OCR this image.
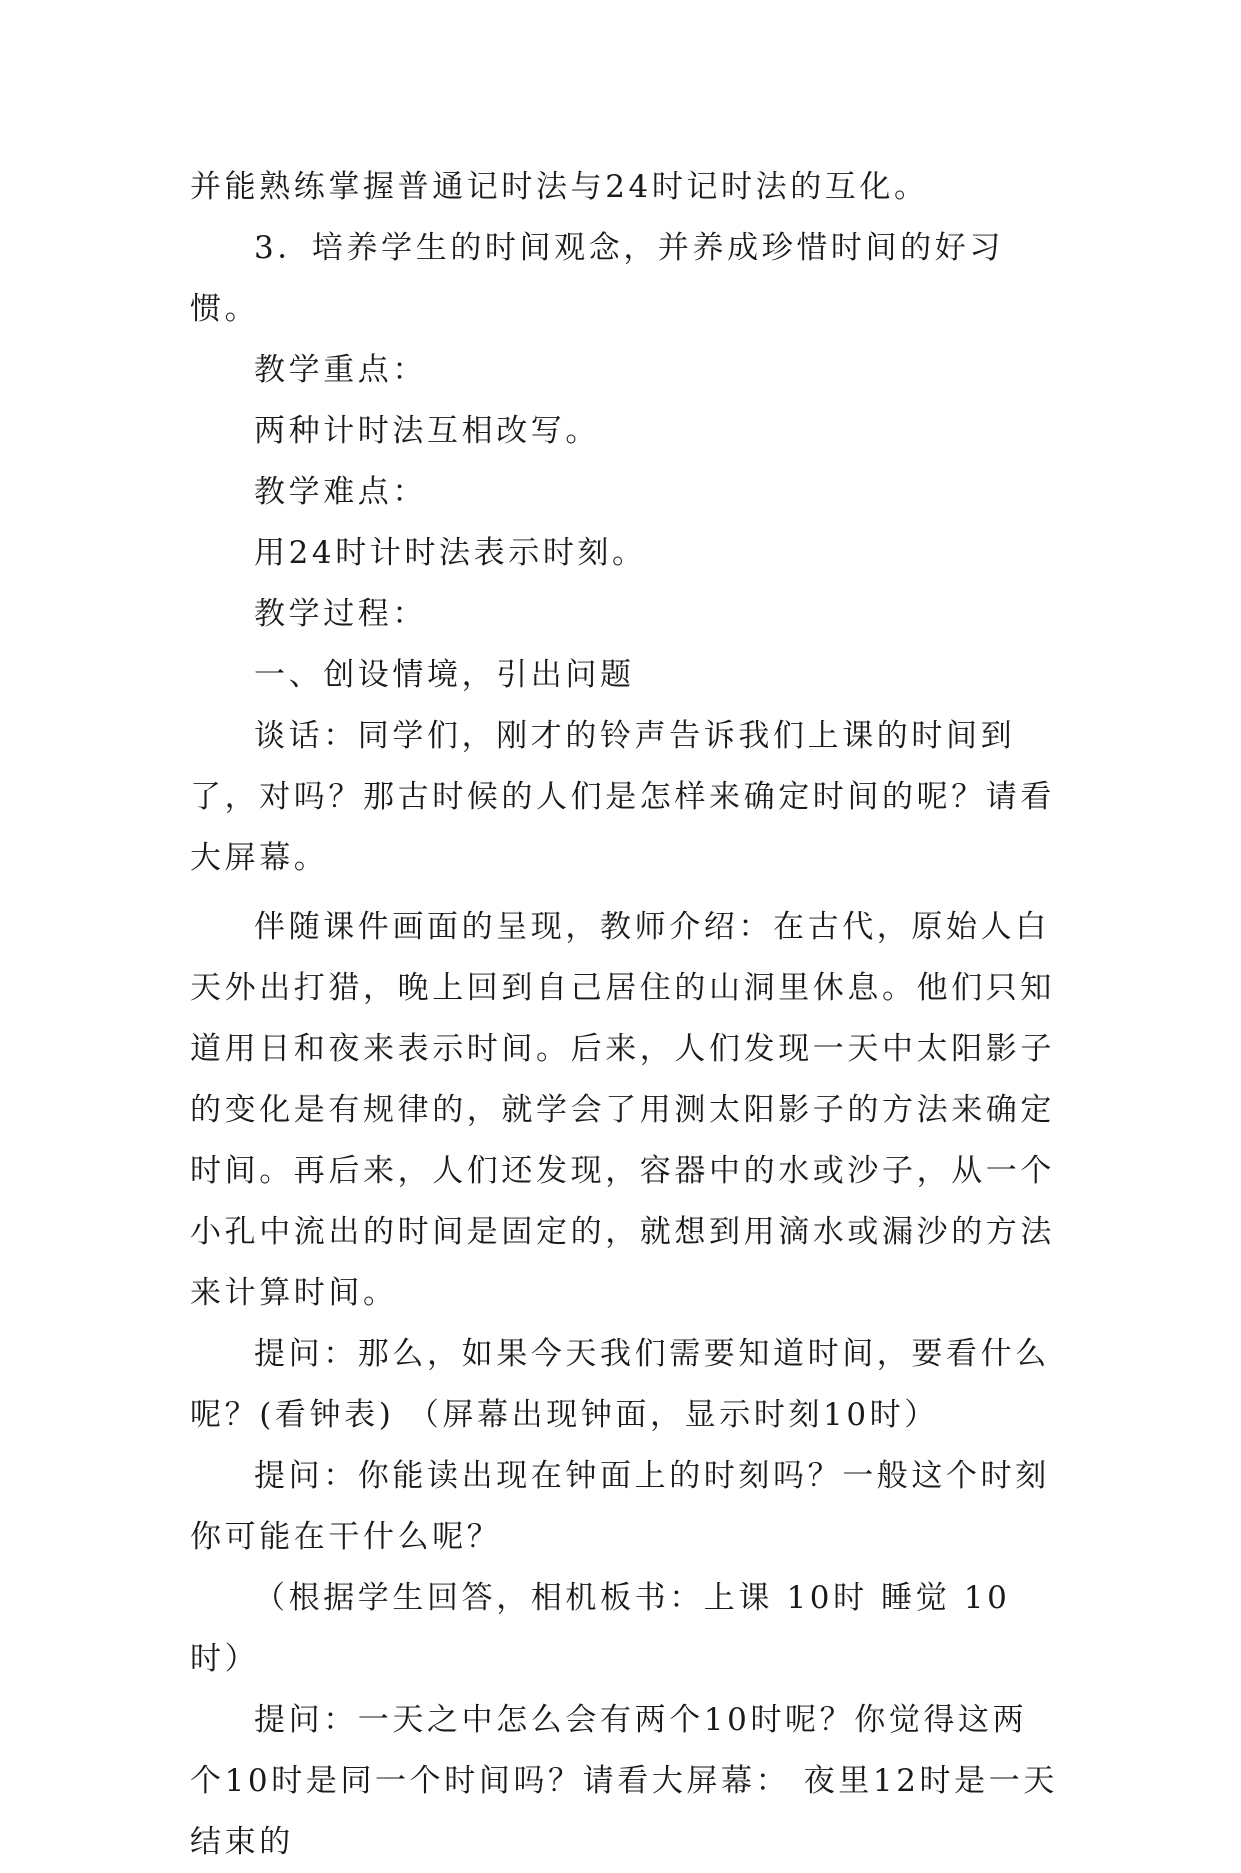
并能熟练掌握普通记时法与24时记时法的互化。

3．培养学生的时间观念，并养成珍惜时间的好习惯。

教学重点：

两种计时法互相改写。

教学难点：

用24时计时法表示时刻。

教学过程：

一、创设情境，引出问题

谈话：同学们，刚才的铃声告诉我们上课的时间到了，对吗？那古时候的人们是怎样来确定时间的呢？请看大屏幕。

伴随课件画面的呈现，教师介绍：在古代，原始人白天外出打猎，晚上回到自己居住的山洞里休息。他们只知道用日和夜来表示时间。后来，人们发现一天中太阳影子的变化是有规律的，就学会了用测太阳影子的方法来确定时间。再后来，人们还发现，容器中的水或沙子，从一个小孔中流出的时间是固定的，就想到用滴水或漏沙的方法来计算时间。

提问：那么，如果今天我们需要知道时间，要看什么呢？(看钟表) （屏幕出现钟面，显示时刻10时）

提问：你能读出现在钟面上的时刻吗？一般这个时刻你可能在干什么呢？

（根据学生回答，相机板书：上课 10时 睡觉 10时）

提问：一天之中怎么会有两个10时呢？你觉得这两个10时是同一个时间吗？请看大屏幕： 夜里12时是一天结束的
